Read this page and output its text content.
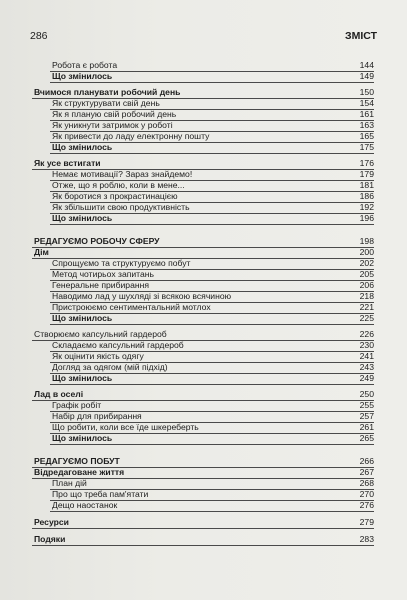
286	ЗМІСТ
Робота є робота	144
Що змінилось	149
Вчимося планувати робочий день	150
Як структурувати свій день	154
Як я планую свій робочий день	161
Як уникнути затримок у роботі	163
Як привести до ладу електронну пошту	165
Що змінилось	175
Як усе встигати	176
Немає мотивації? Зараз знайдемо!	179
Отже, що я роблю, коли в мене...	181
Як боротися з прокрастинацією	186
Як збільшити свою продуктивність	192
Що змінилось	196
РЕДАГУЄМО РОБОЧУ СФЕРУ	198
Дім	200
Спрощуємо та структуруємо побут	202
Метод чотирьох запитань	205
Генеральне прибирання	206
Наводимо лад у шухляді зі всякою всячиною	218
Пристроюємо сентиментальний мотлох	221
Що змінилось	225
Створюємо капсульний гардероб	226
Складаємо капсульний гардероб	230
Як оцінити якість одягу	241
Догляд за одягом (мій підхід)	243
Що змінилось	249
Лад в оселі	250
Графік робіт	255
Набір для прибирання	257
Що робити, коли все їде шкереберть	261
Що змінилось	265
РЕДАГУЄМО ПОБУТ	266
Відредаговане життя	267
План дій	268
Про що треба пам'ятати	270
Дещо наостанок	276
Ресурси	279
Подяки	283
